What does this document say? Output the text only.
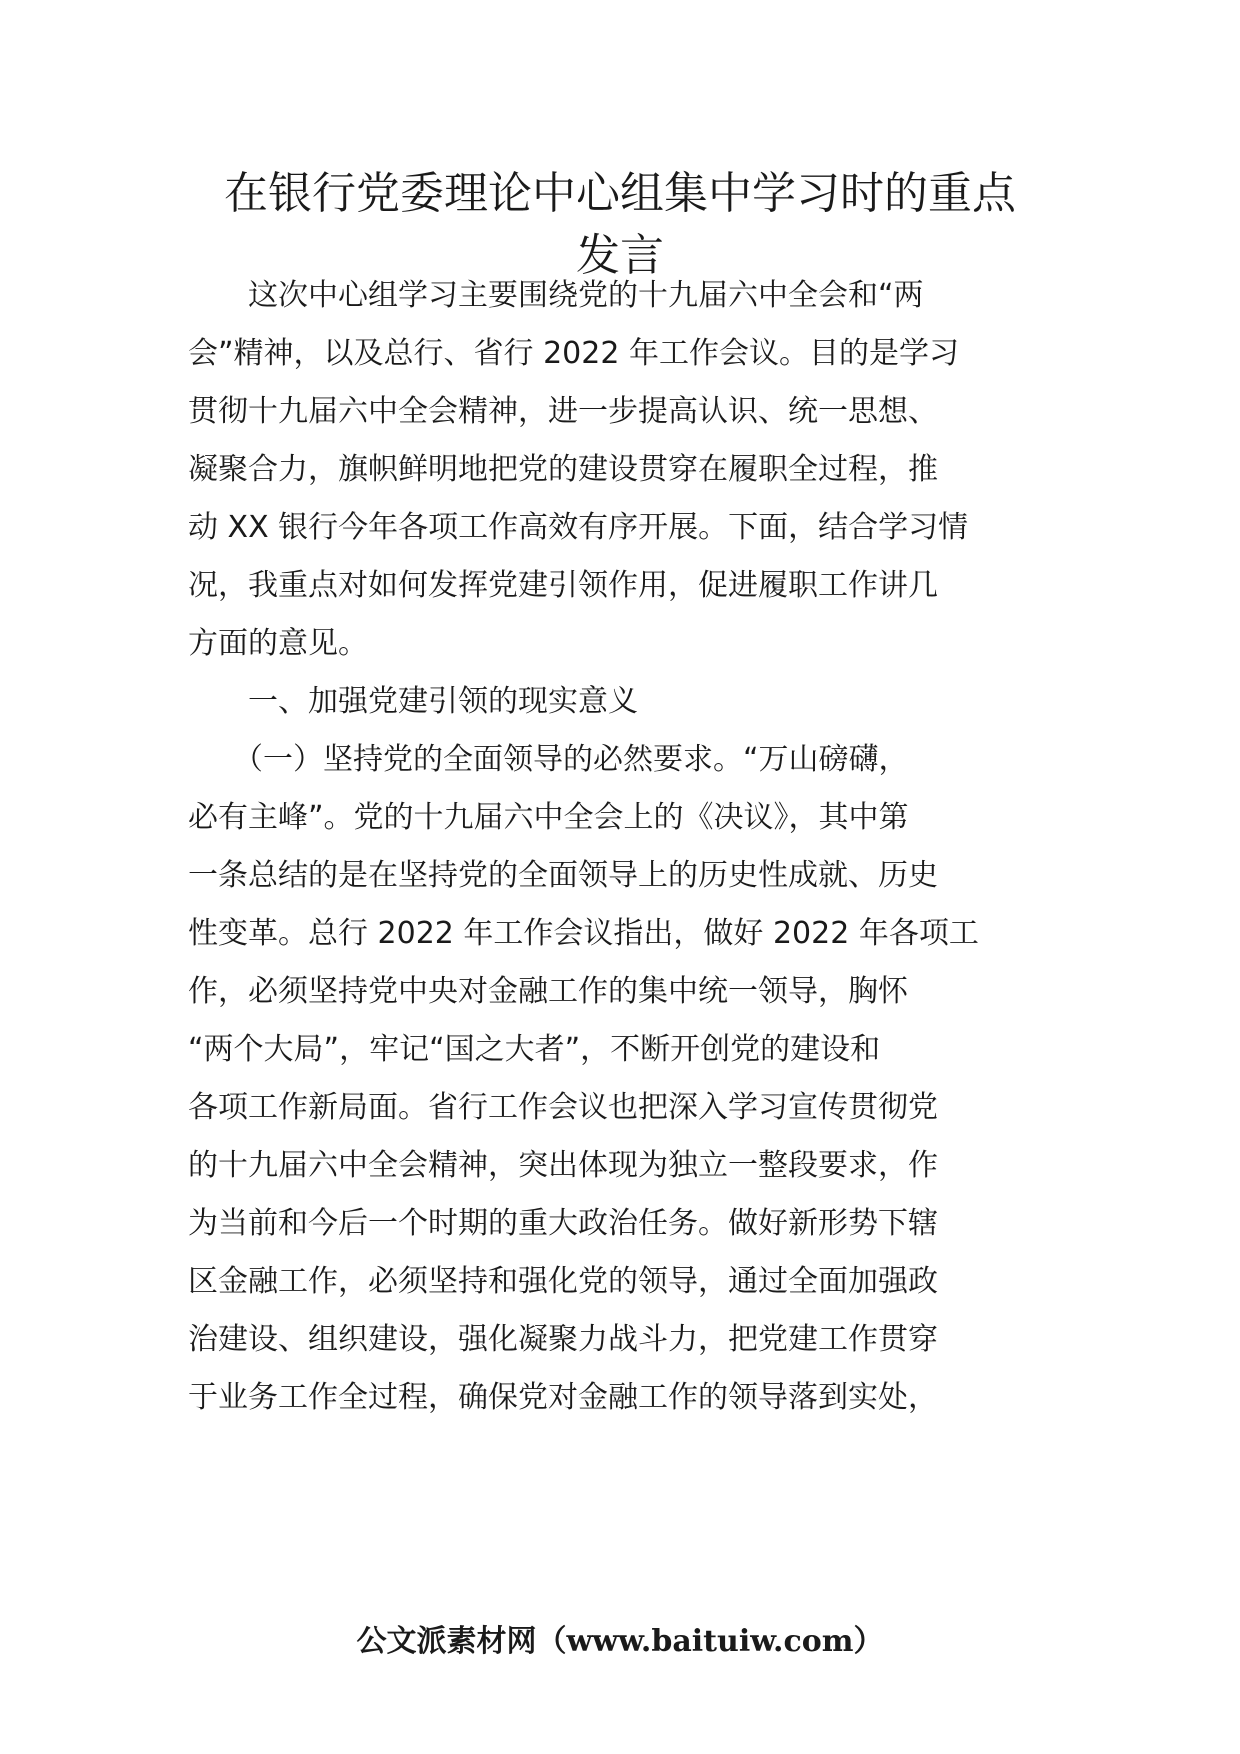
在银行党委理论中心组集中学习时的重点
发言
　　这次中心组学习主要围绕党的十九届六中全会和“两
会”精神，以及总行、省行 2022 年工作会议。目的是学习
贯彻十九届六中全会精神，进一步提高认识、统一思想、
凝聚合力，旗帜鲜明地把党的建设贯穿在履职全过程，推
动 XX 银行今年各项工作高效有序开展。下面，结合学习情
况，我重点对如何发挥党建引领作用，促进履职工作讲几
方面的意见。
　　一、加强党建引领的现实意义
　　（一）坚持党的全面领导的必然要求。“万山磅礴，
必有主峰”。党的十九届六中全会上的《决议》，其中第
一条总结的是在坚持党的全面领导上的历史性成就、历史
性变革。总行 2022 年工作会议指出，做好 2022 年各项工
作，必须坚持党中央对金融工作的集中统一领导，胸怀
“两个大局”，牢记“国之大者”，不断开创党的建设和
各项工作新局面。省行工作会议也把深入学习宣传贯彻党
的十九届六中全会精神，突出体现为独立一整段要求，作
为当前和今后一个时期的重大政治任务。做好新形势下辖
区金融工作，必须坚持和强化党的领导，通过全面加强政
治建设、组织建设，强化凝聚力战斗力，把党建工作贯穿
于业务工作全过程，确保党对金融工作的领导落到实处，
公文派素材网（www.baituiw.com）
